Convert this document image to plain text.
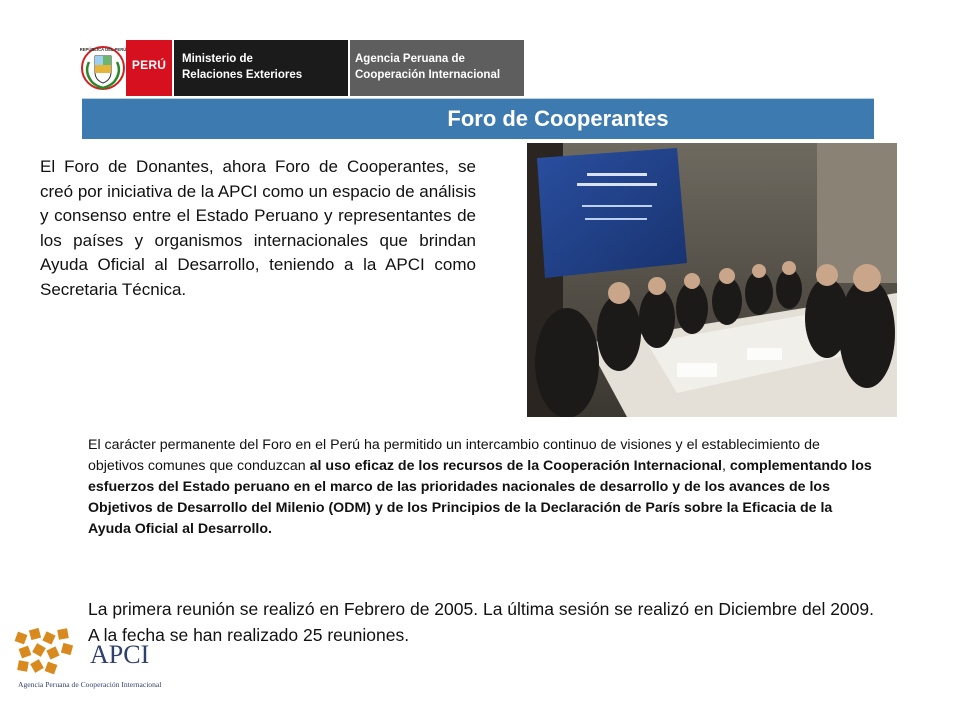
REPÚBLICA DEL PERÚ
PERÚ	Ministerio de
Relaciones Exteriores
Agencia Peruana de
Cooperación Internacional
Foro de Cooperantes
El Foro de Donantes, ahora Foro de Cooperantes, se creó por iniciativa de la APCI como un espacio de análisis y consenso entre el Estado Peruano y representantes de los países y organismos internacionales que brindan Ayuda Oficial al Desarrollo, teniendo a la APCI como Secretaria Técnica.
El carácter permanente del Foro en el Perú ha permitido un intercambio continuo de visiones y el establecimiento de objetivos comunes que conduzcan al uso eficaz de los recursos de la Cooperación Internacional, complementando los esfuerzos del Estado peruano en el marco de las prioridades nacionales de desarrollo y de los avances de los Objetivos de Desarrollo del Milenio (ODM) y de los Principios de la Declaración de París sobre la Eficacia de la Ayuda Oficial al Desarrollo.
La primera reunión se realizó en Febrero de 2005. La última sesión se realizó en Diciembre del 2009. A la fecha se han realizado 25 reuniones.
APCI
Agencia Peruana de Cooperación Internacional
